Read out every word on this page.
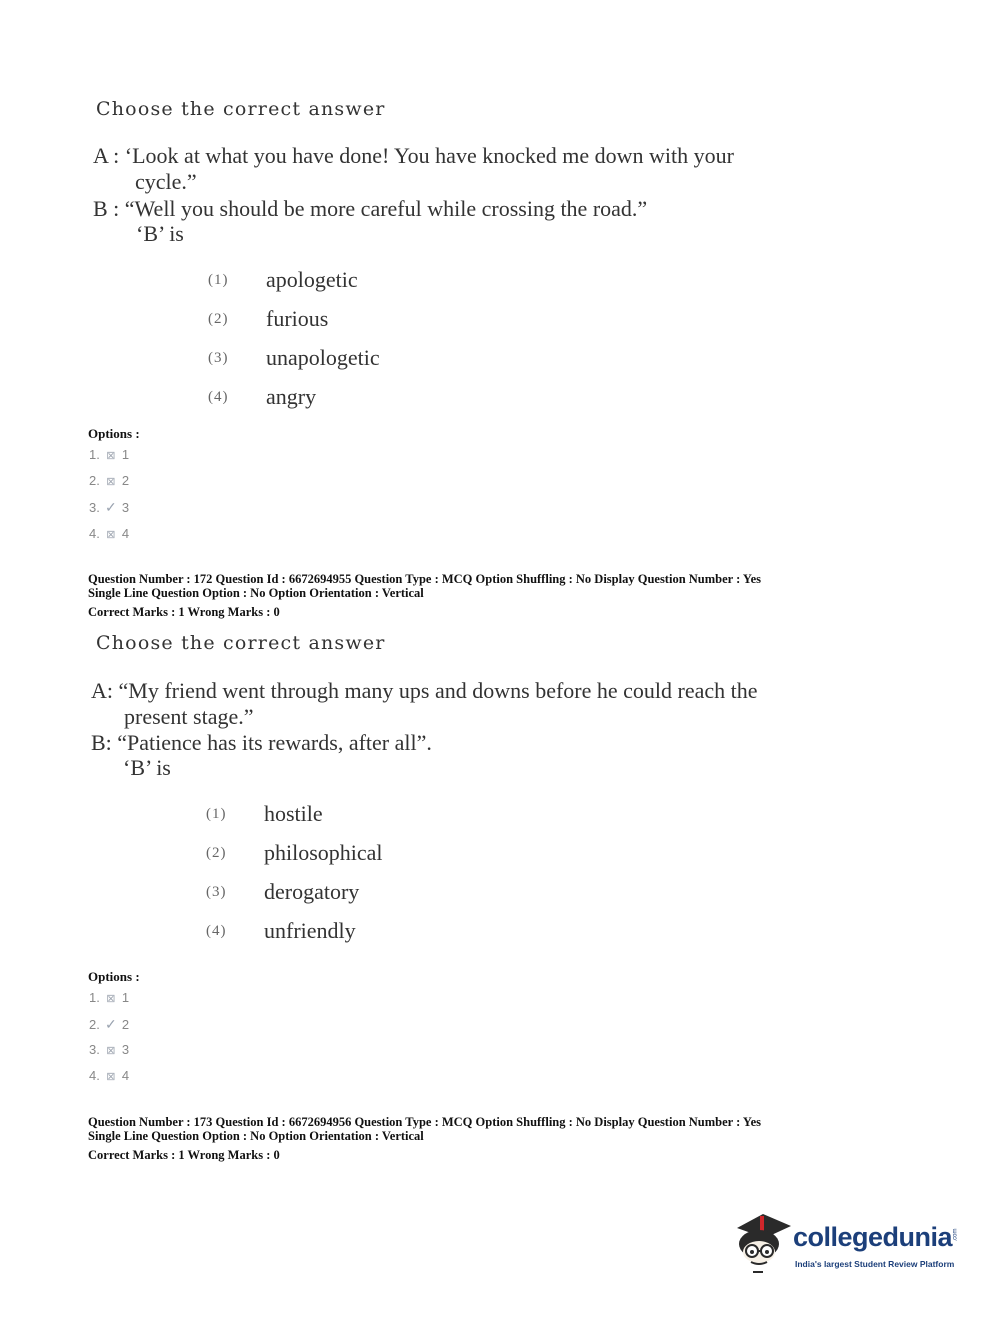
Choose the correct answer
A : ‘Look at what you have done! You have knocked me down with your
cycle.”
B : “Well you should be more careful while crossing the road.”
‘B’ is
(1) apologetic
(2) furious
(3) unapologetic
(4) angry
Options :
1. ⊠ 1
2. ⊠ 2
3. ✓ 3
4. ⊠ 4
Question Number : 172 Question Id : 6672694955 Question Type : MCQ Option Shuffling : No Display Question Number : Yes
Single Line Question Option : No Option Orientation : Vertical
Correct Marks : 1 Wrong Marks : 0
Choose the correct answer
A: “My friend went through many ups and downs before he could reach the
present stage.”
B: “Patience has its rewards, after all”.
‘B’ is
(1) hostile
(2) philosophical
(3) derogatory
(4) unfriendly
Options :
1. ⊠ 1
2. ✓ 2
3. ⊠ 3
4. ⊠ 4
Question Number : 173 Question Id : 6672694956 Question Type : MCQ Option Shuffling : No Display Question Number : Yes
Single Line Question Option : No Option Orientation : Vertical
Correct Marks : 1 Wrong Marks : 0
collegedunia .com
India's largest Student Review Platform
